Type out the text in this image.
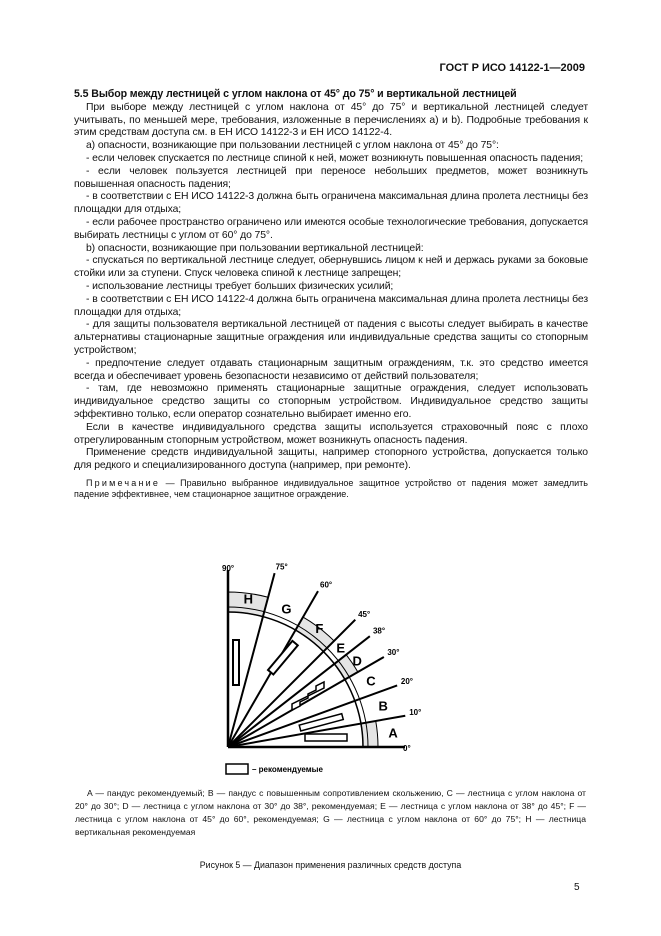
ГОСТ Р ИСО 14122-1—2009
5.5 Выбор между лестницей с углом наклона от 45° до 75° и вертикальной лестницей

При выборе между лестницей с углом наклона от 45° до 75° и вертикальной лестницей следует учитывать, по меньшей мере, требования, изложенные в перечислениях a) и b). Подробные требования к этим средствам доступа см. в ЕН ИСО 14122-3 и ЕН ИСО 14122-4.

a) опасности, возникающие при пользовании лестницей с углом наклона от 45° до 75°:

- если человек спускается по лестнице спиной к ней, может возникнуть повышенная опасность падения;

- если человек пользуется лестницей при переносе небольших предметов, может возникнуть повышенная опасность падения;

- в соответствии с ЕН ИСО 14122-3 должна быть ограничена максимальная длина пролета лестницы без площадки для отдыха;

- если рабочее пространство ограничено или имеются особые технологические требования, допускается выбирать лестницы с углом от 60° до 75°.

b) опасности, возникающие при пользовании вертикальной лестницей:

- спускаться по вертикальной лестнице следует, обернувшись лицом к ней и держась руками за боковые стойки или за ступени. Спуск человека спиной к лестнице запрещен;

- использование лестницы требует больших физических усилий;

- в соответствии с ЕН ИСО 14122-4 должна быть ограничена максимальная длина пролета лестницы без площадки для отдыха;

- для защиты пользователя вертикальной лестницей от падения с высоты следует выбирать в качестве альтернативы стационарные защитные ограждения или индивидуальные средства защиты со стопорным устройством;

- предпочтение следует отдавать стационарным защитным ограждениям, т.к. это средство имеется всегда и обеспечивает уровень безопасности независимо от действий пользователя;

- там, где невозможно применять стационарные защитные ограждения, следует использовать индивидуальное средство защиты со стопорным устройством. Индивидуальное средство защиты эффективно только, если оператор сознательно выбирает именно его.

Если в качестве индивидуального средства защиты используется страховочный пояс с плохо отрегулированным стопорным устройством, может возникнуть опасность падения.

Применение средств индивидуальной защиты, например стопорного устройства, допускается только для редкого и специализированного доступа (например, при ремонте).

Примечание — Правильно выбранное индивидуальное защитное устройство от падения может замедлить падение эффективнее, чем стационарное защитное ограждение.

0°
10°
20°
30°
38°
45°
60°
75°
90°
A
B
C
D
E
F
G
H
– рекомендуемые
A — пандус рекомендуемый; B — пандус с повышенным сопротивлением скольжению, C — лестница с углом наклона от 20° до 30°; D — лестница с углом наклона от 30° до 38°, рекомендуемая; E — лестница с углом наклона от 38° до 45°; F — лестница с углом наклона от 45° до 60°, рекомендуемая; G — лестница с углом наклона от 60° до 75°; H — лестница вертикальная рекомендуемая
Рисунок 5 — Диапазон применения различных средств доступа
5
